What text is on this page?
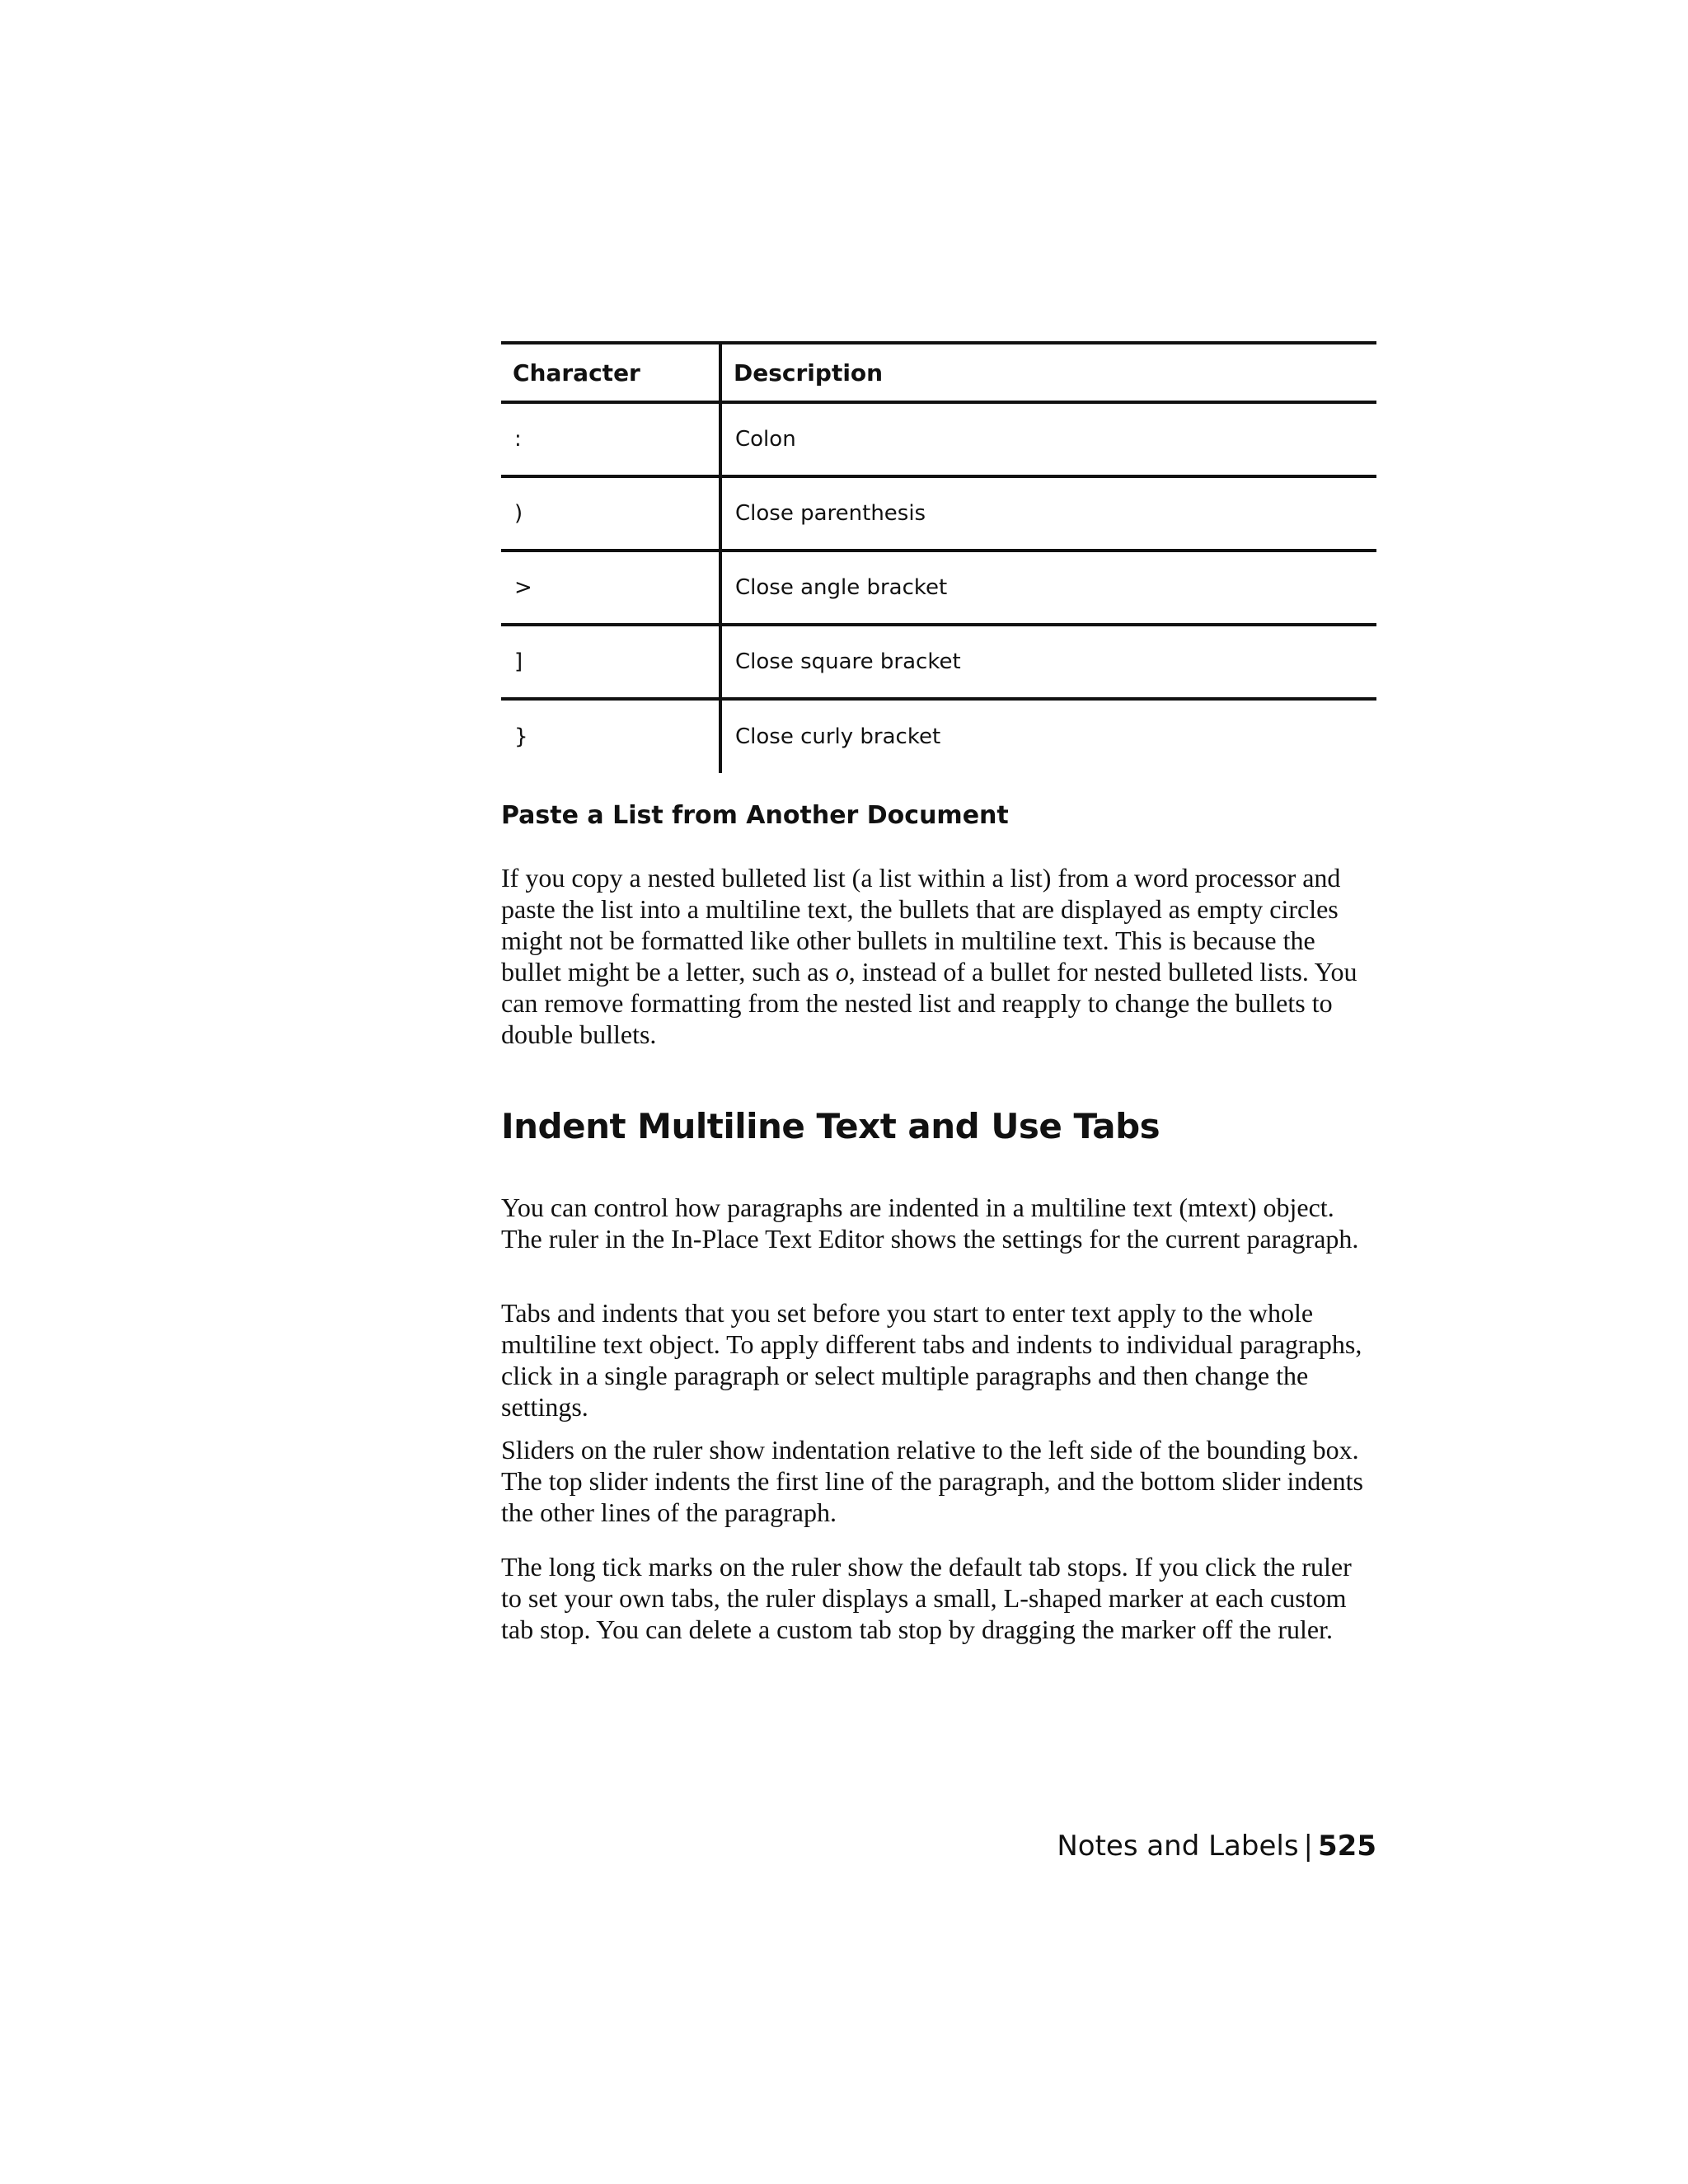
Character	Description
:	Colon
)	Close parenthesis
>	Close angle bracket
]	Close square bracket
}	Close curly bracket
Paste a List from Another Document

If you copy a nested bulleted list (a list within a list) from a word processor and paste the list into a multiline text, the bullets that are displayed as empty circles might not be formatted like other bullets in multiline text. This is because the bullet might be a letter, such as o, instead of a bullet for nested bulleted lists. You can remove formatting from the nested list and reapply to change the bullets to double bullets.

Indent Multiline Text and Use Tabs

You can control how paragraphs are indented in a multiline text (mtext) object. The ruler in the In-Place Text Editor shows the settings for the current paragraph.

Tabs and indents that you set before you start to enter text apply to the whole multiline text object. To apply different tabs and indents to individual paragraphs, click in a single paragraph or select multiple paragraphs and then change the settings.

Sliders on the ruler show indentation relative to the left side of the bounding box. The top slider indents the first line of the paragraph, and the bottom slider indents the other lines of the paragraph.

The long tick marks on the ruler show the default tab stops. If you click the ruler to set your own tabs, the ruler displays a small, L-shaped marker at each custom tab stop. You can delete a custom tab stop by dragging the marker off the ruler.

Notes and Labels | 525
